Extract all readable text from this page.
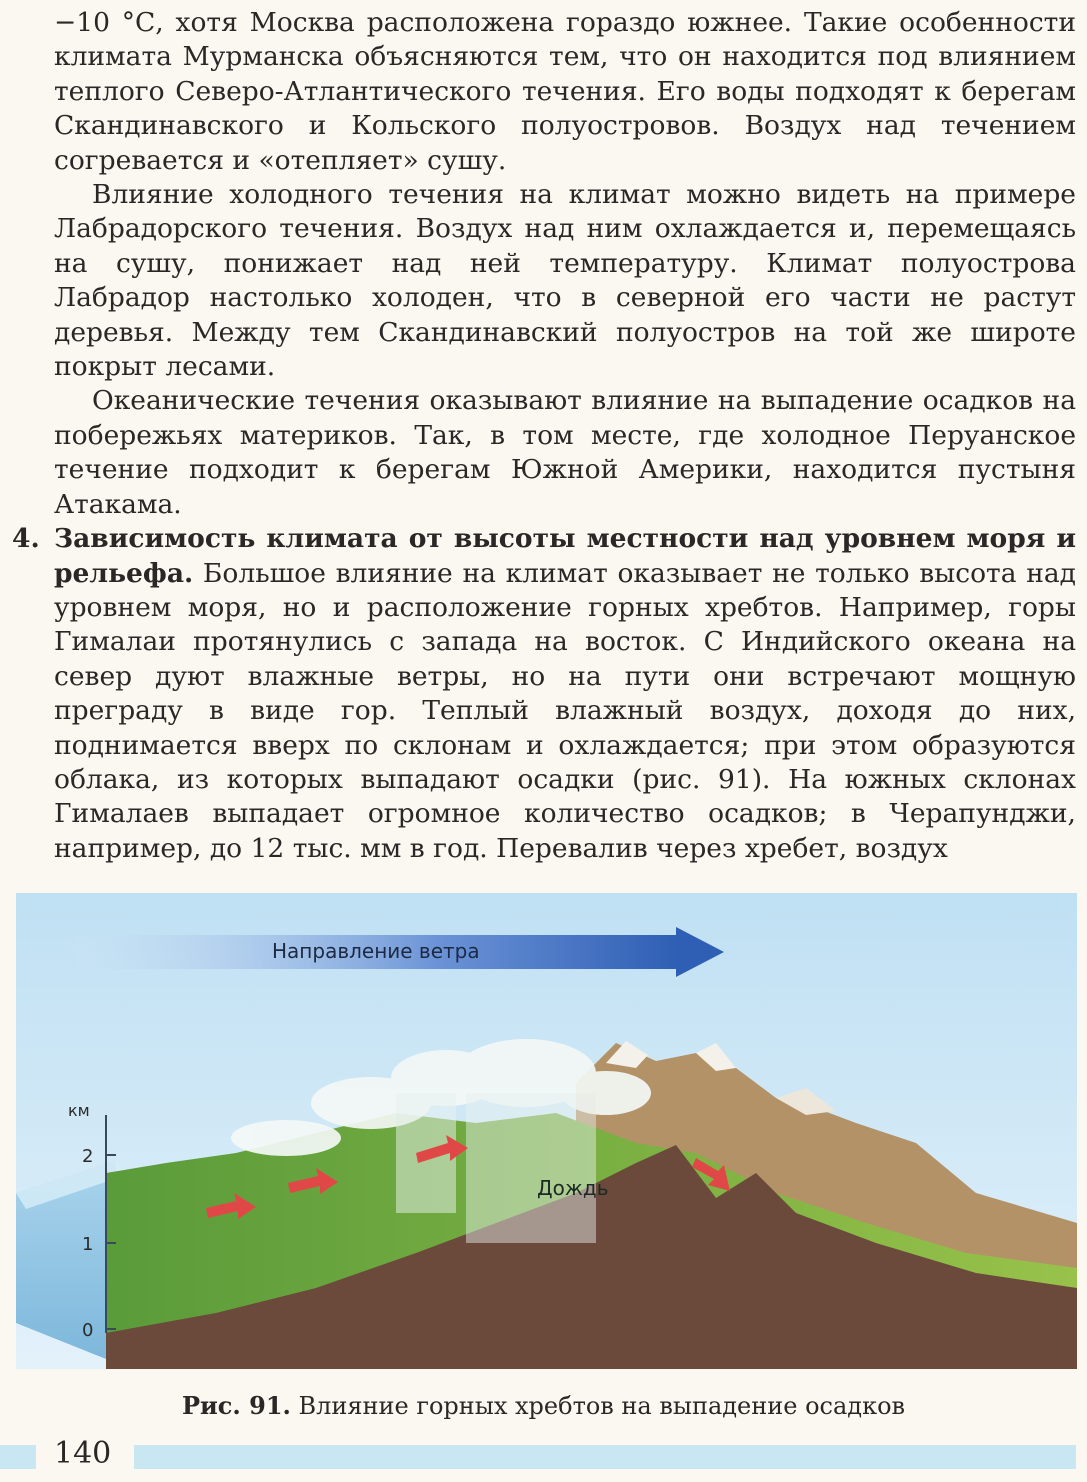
−10 °С, хотя Москва расположена гораздо южнее. Такие особенности климата Мурманска объясняются тем, что он находится под влиянием теплого Северо-Атлантического течения. Его воды подходят к берегам Скандинавского и Кольского полуостровов. Воздух над течением согревается и «отепляет» сушу.

Влияние холодного течения на климат можно видеть на примере Лабрадорского течения. Воздух над ним охлаждается и, перемещаясь на сушу, понижает над ней температуру. Климат полуострова Лабрадор настолько холоден, что в северной его части не растут деревья. Между тем Скандинавский полуостров на той же широте покрыт лесами.

Океанические течения оказывают влияние на выпадение осадков на побережьях материков. Так, в том месте, где холодное Перуанское течение подходит к берегам Южной Америки, находится пустыня Атакама.

4. Зависимость климата от высоты местности над уровнем моря и рельефа. Большое влияние на климат оказывает не только высота над уровнем моря, но и расположение горных хребтов. Например, горы Гималаи протянулись с запада на восток. С Индийского океана на север дуют влажные ветры, но на пути они встречают мощную преграду в виде гор. Теплый влажный воздух, доходя до них, поднимается вверх по склонам и охлаждается; при этом образуются облака, из которых выпадают осадки (рис. 91). На южных склонах Гималаев выпадает огромное количество осадков; в Черапунджи, например, до 12 тыс. мм в год. Перевалив через хребет, воздух

Направление ветра
Дождь
км
2
1
0
Рис. 91. Влияние горных хребтов на выпадение осадков
140
